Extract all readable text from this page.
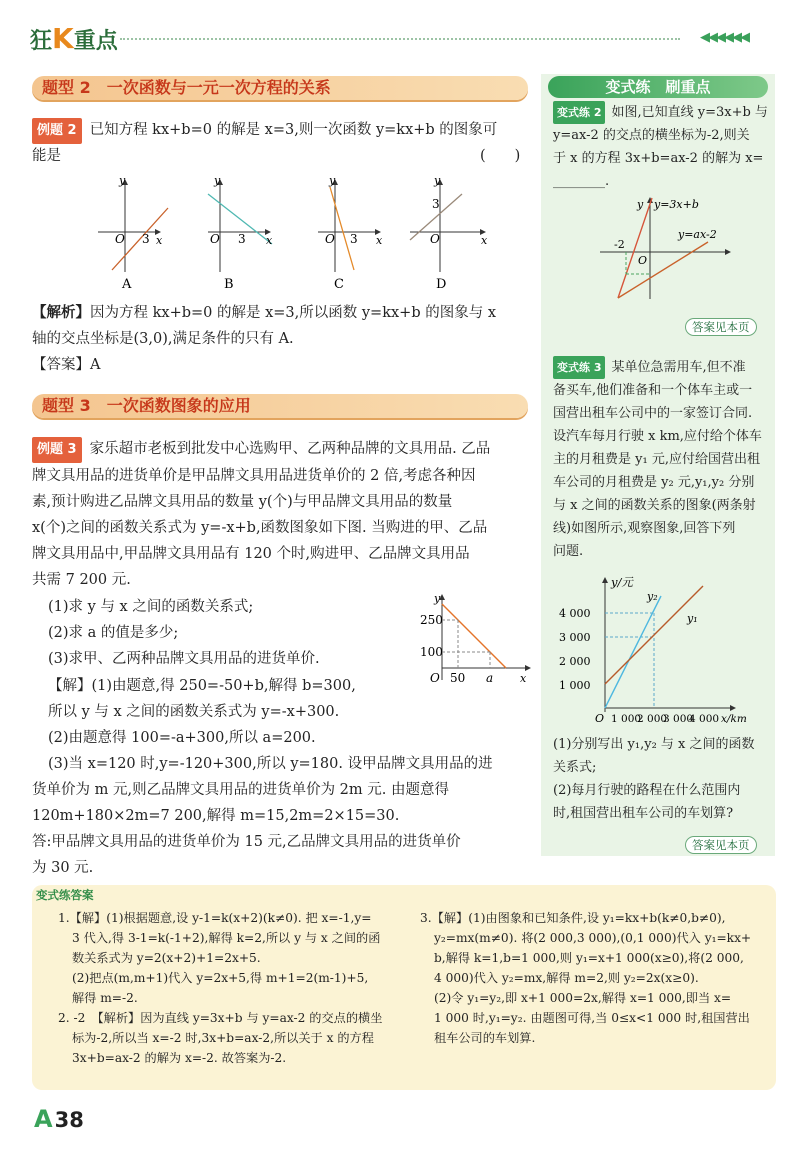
狂K重点	◀◀◀◀◀◀
题型 2　一次函数与一元一次方程的关系
例题 2 已知方程 kx+b=0 的解是 x=3,则一次函数 y=kx+b 的图象可
能是	(　　)
y
x
O 3
A
y
x
O 3
B
y
x
O 3
C
y
x
O
3
D
【解析】因为方程 kx+b=0 的解是 x=3,所以函数 y=kx+b 的图象与 x
轴的交点坐标是(3,0),满足条件的只有 A.
【答案】A
题型 3　一次函数图象的应用
例题 3 家乐超市老板到批发中心选购甲、乙两种品牌的文具用品. 乙品
牌文具用品的进货单价是甲品牌文具用品进货单价的 2 倍,考虑各种因
素,预计购进乙品牌文具用品的数量 y(个)与甲品牌文具用品的数量
x(个)之间的函数关系式为 y=-x+b,函数图象如下图. 当购进的甲、乙品
牌文具用品中,甲品牌文具用品有 120 个时,购进甲、乙品牌文具用品
共需 7 200 元.
(1)求 y 与 x 之间的函数关系式;
(2)求 a 的值是多少;
(3)求甲、乙两种品牌文具用品的进货单价.
【解】(1)由题意,得 250=-50+b,解得 b=300,
所以 y 与 x 之间的函数关系式为 y=-x+300.
(2)由题意得 100=-a+300,所以 a=200.
(3)当 x=120 时,y=-120+300,所以 y=180. 设甲品牌文具用品的进
货单价为 m 元,则乙品牌文具用品的进货单价为 2m 元. 由题意得
120m+180×2m=7 200,解得 m=15,2m=2×15=30.
答:甲品牌文具用品的进货单价为 15 元,乙品牌文具用品的进货单价
为 30 元.
y
x
O
250
100
50 a
变式练　刷重点
变式练 2 如图,已知直线 y=3x+b 与
y=ax-2 的交点的横坐标为-2,则关
于 x 的方程 3x+b=ax-2 的解为 x=
________.
y y=3x+b
y=ax-2
-2
O
答案见本页
变式练 3 某单位急需用车,但不准
备买车,他们准备和一个体车主或一
国营出租车公司中的一家签订合同.
设汽车每月行驶 x km,应付给个体车
主的月租费是 y₁ 元,应付给国营出租
车公司的月租费是 y₂ 元,y₁,y₂ 分别
与 x 之间的函数关系的图象(两条射
线)如图所示,观察图象,回答下列
问题.
y/元
x/km
O
4 000
3 000
2 000
1 000
1 000
2 000
3 000
4 000
y₂
y₁
(1)分别写出 y₁,y₂ 与 x 之间的函数
关系式;
(2)每月行驶的路程在什么范围内
时,租国营出租车公司的车划算?
答案见本页
变式练答案
1.【解】(1)根据题意,设 y-1=k(x+2)(k≠0). 把 x=-1,y=
3 代入,得 3-1=k(-1+2),解得 k=2,所以 y 与 x 之间的函
数关系式为 y=2(x+2)+1=2x+5.
(2)把点(m,m+1)代入 y=2x+5,得 m+1=2(m-1)+5,
解得 m=-2.
2. -2　【解析】因为直线 y=3x+b 与 y=ax-2 的交点的横坐
标为-2,所以当 x=-2 时,3x+b=ax-2,所以关于 x 的方程
3x+b=ax-2 的解为 x=-2. 故答案为-2.
3.【解】(1)由图象和已知条件,设 y₁=kx+b(k≠0,b≠0),
y₂=mx(m≠0). 将(2 000,3 000),(0,1 000)代入 y₁=kx+
b,解得 k=1,b=1 000,则 y₁=x+1 000(x≥0),将(2 000,
4 000)代入 y₂=mx,解得 m=2,则 y₂=2x(x≥0).
(2)令 y₁=y₂,即 x+1 000=2x,解得 x=1 000,即当 x=
1 000 时,y₁=y₂. 由题图可得,当 0≤x<1 000 时,租国营出
租车公司的车划算.
A38
